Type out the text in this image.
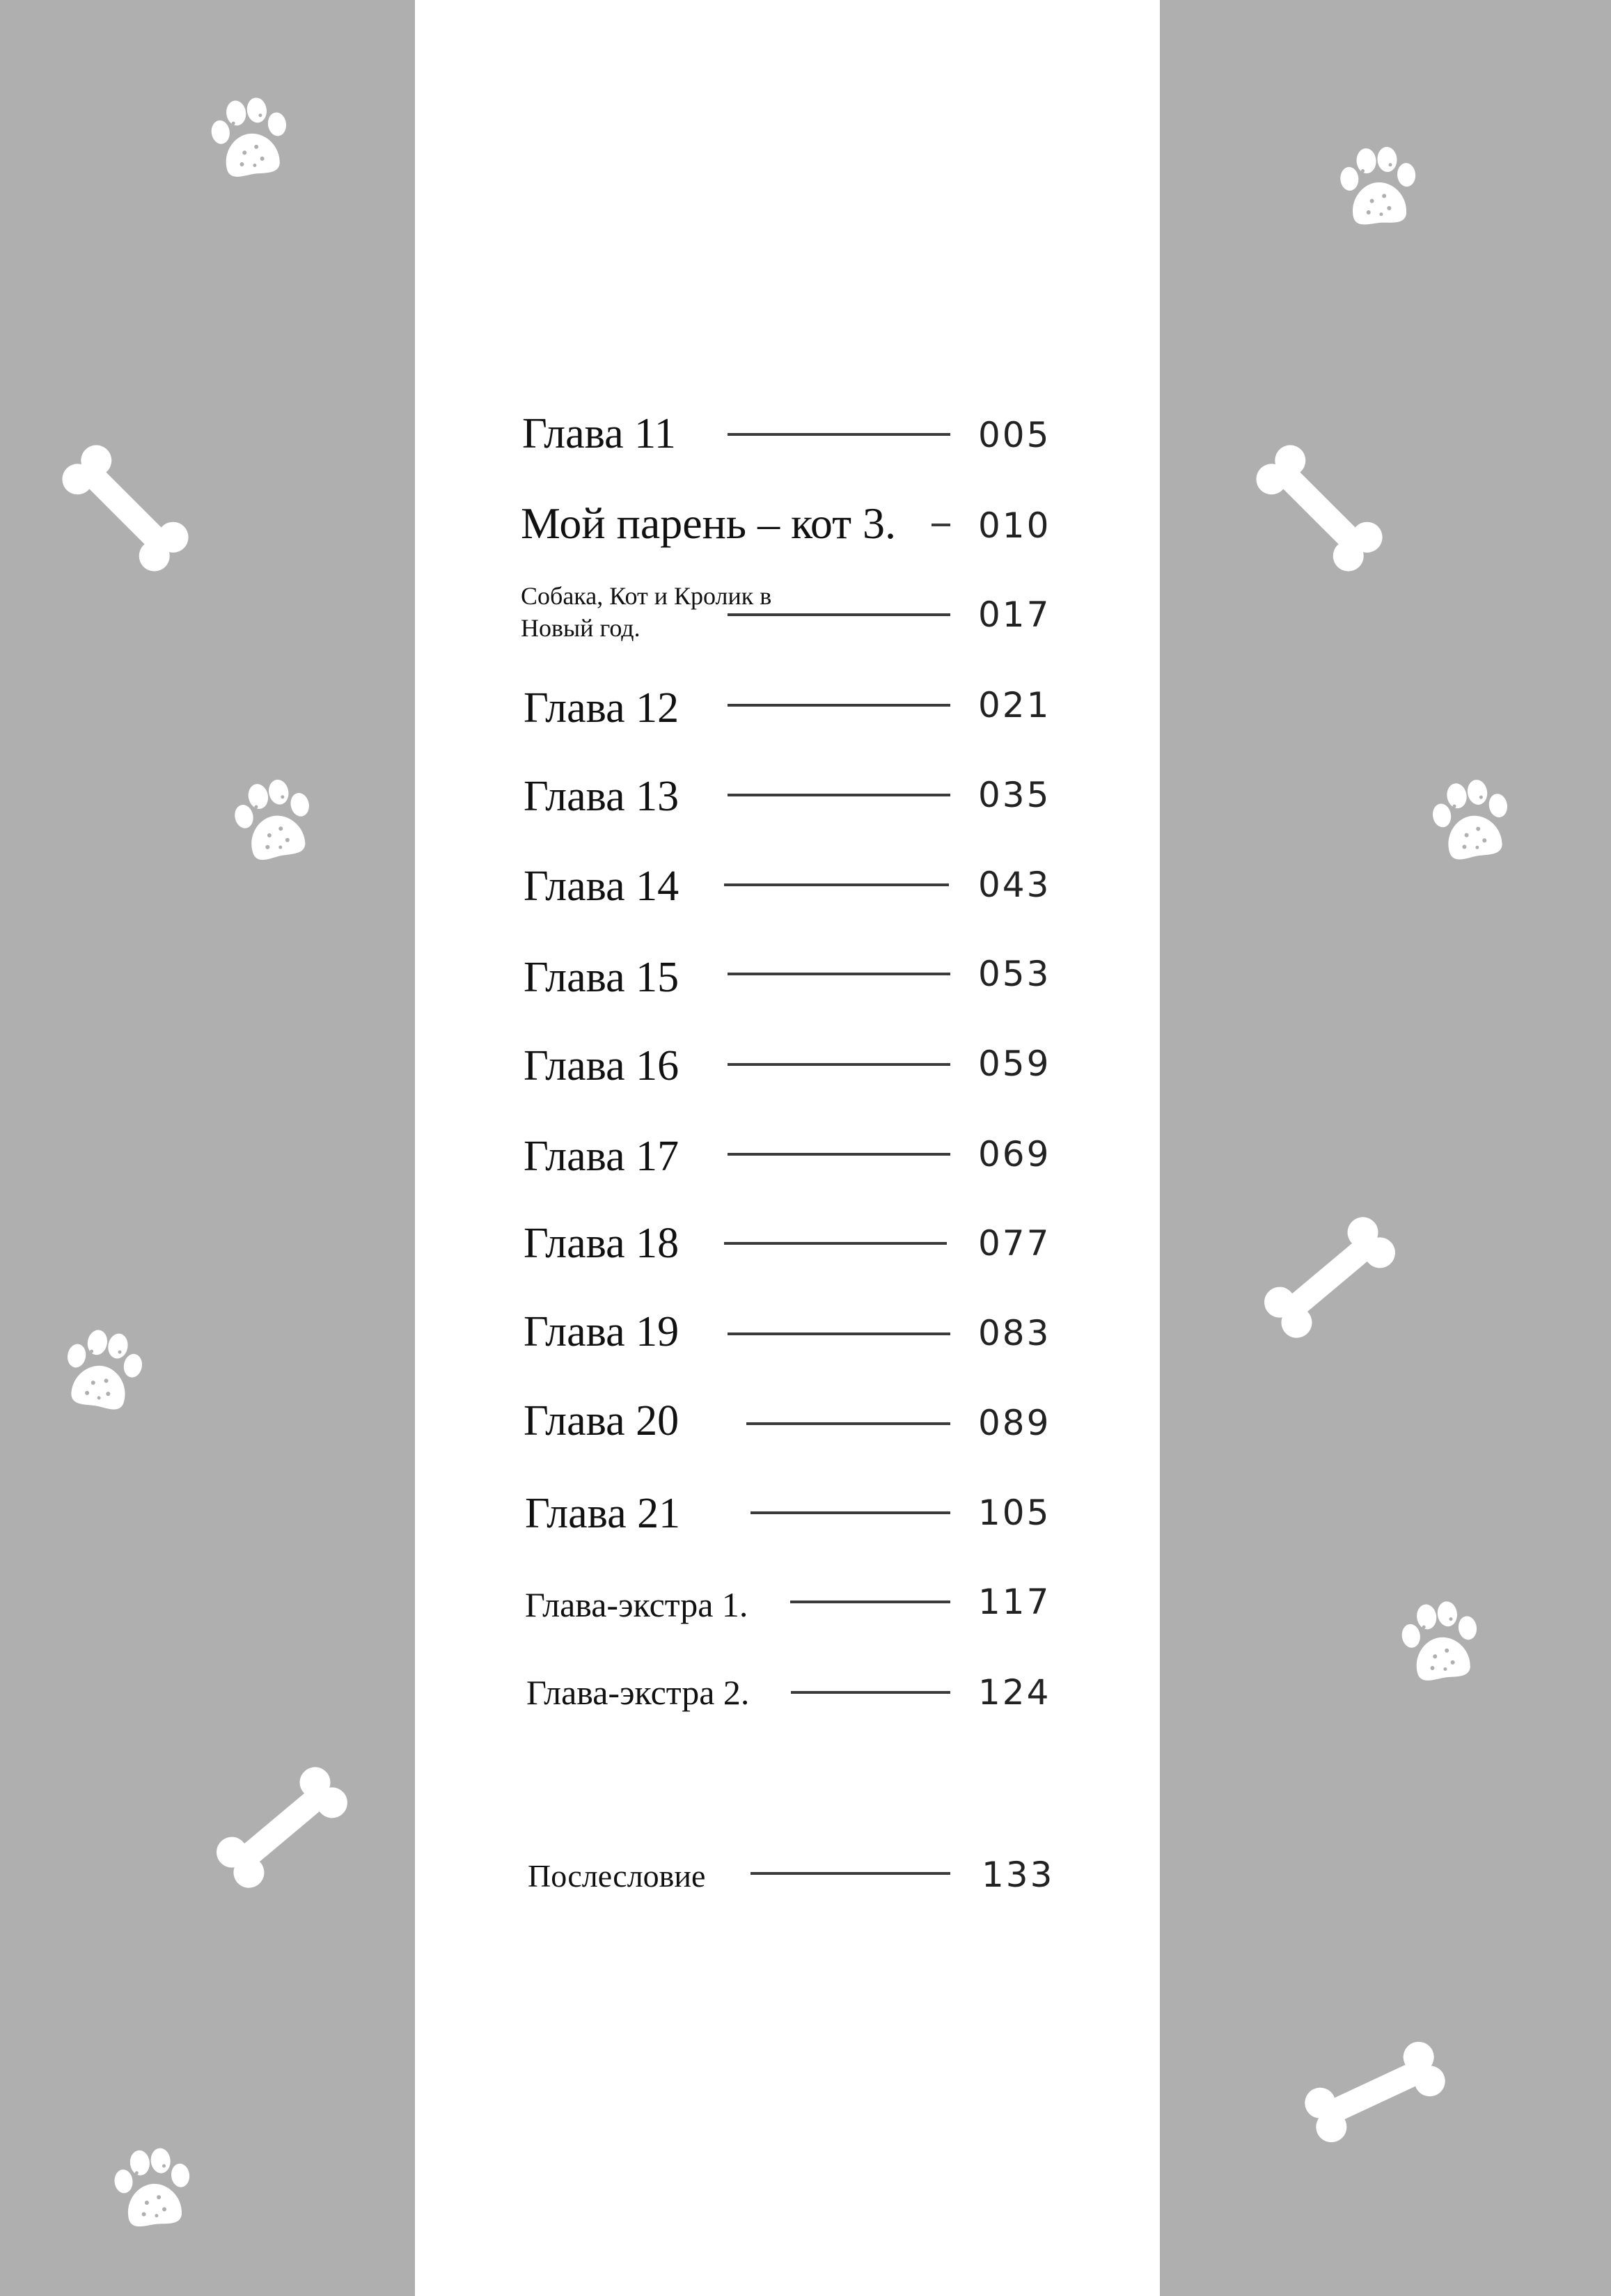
Глава 11	005
Мой парень – кот 3. 010
Собака, Кот и Кролик в
Новый год.	017
Глава 12	021
Глава 13	035
Глава 14	043
Глава 15	053
Глава 16	059
Глава 17	069
Глава 18	077
Глава 19	083
Глава 20	089
Глава 21	105
Глава-экстра 1.	117
Глава-экстра 2.	124
Послесловие	133
